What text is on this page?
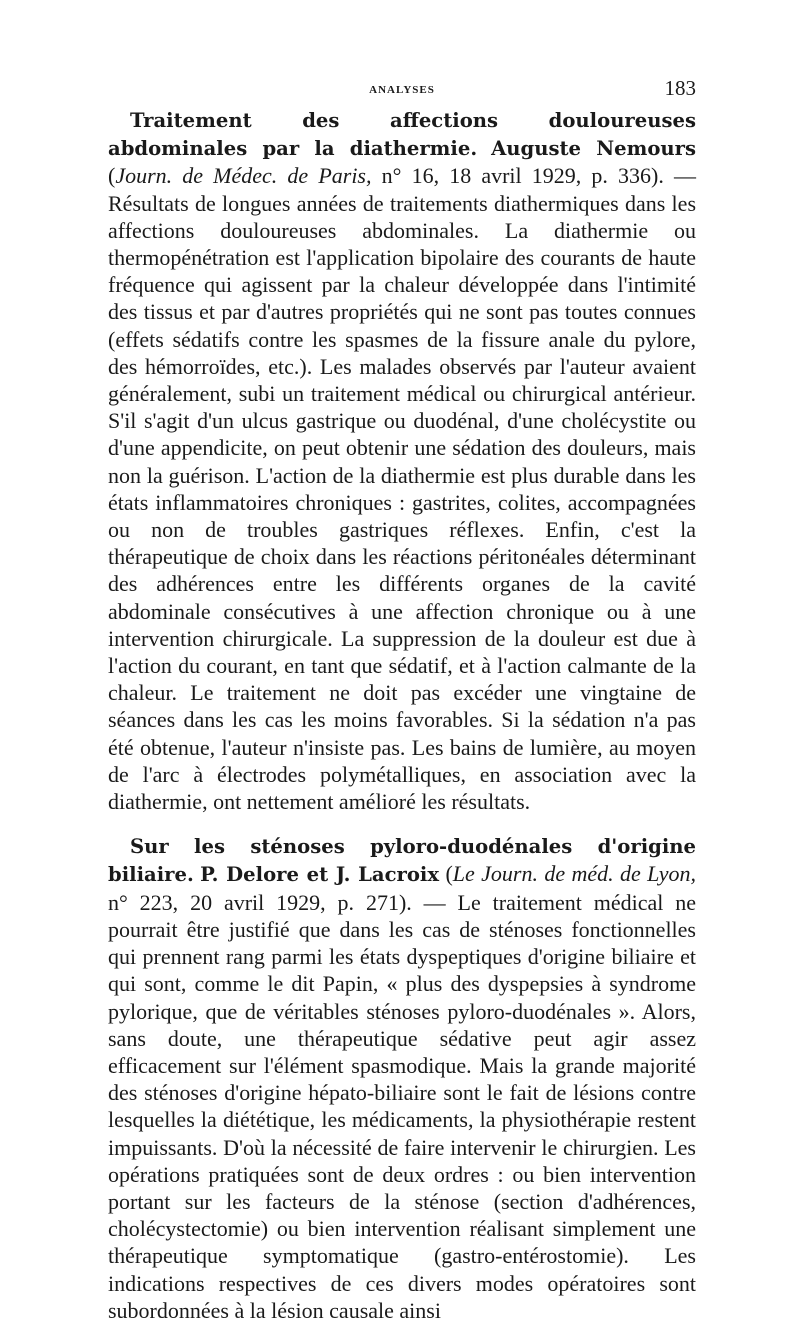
ANALYSES	183

Traitement des affections douloureuses abdominales par la diathermie. Auguste Nemours (Journ. de Médec. de Paris, n° 16, 18 avril 1929, p. 336). — Résultats de longues années de traitements diathermiques dans les affections douloureuses abdominales. La diathermie ou thermopénétration est l'application bipolaire des courants de haute fréquence qui agissent par la chaleur développée dans l'intimité des tissus et par d'autres propriétés qui ne sont pas toutes connues (effets sédatifs contre les spasmes de la fissure anale du pylore, des hémorroïdes, etc.). Les malades observés par l'auteur avaient généralement, subi un traitement médical ou chirurgical antérieur. S'il s'agit d'un ulcus gastrique ou duodénal, d'une cholécystite ou d'une appendicite, on peut obtenir une sédation des douleurs, mais non la guérison. L'action de la diathermie est plus durable dans les états inflammatoires chroniques : gastrites, colites, accompagnées ou non de troubles gastriques réflexes. Enfin, c'est la thérapeutique de choix dans les réactions péritonéales déterminant des adhérences entre les différents organes de la cavité abdominale consécutives à une affection chronique ou à une intervention chirurgicale. La suppression de la douleur est due à l'action du courant, en tant que sédatif, et à l'action calmante de la chaleur. Le traitement ne doit pas excéder une vingtaine de séances dans les cas les moins favorables. Si la sédation n'a pas été obtenue, l'auteur n'insiste pas. Les bains de lumière, au moyen de l'arc à électrodes polymétalliques, en association avec la diathermie, ont nettement amélioré les résultats.

Sur les sténoses pyloro-duodénales d'origine biliaire. P. Delore et J. Lacroix (Le Journ. de méd. de Lyon, n° 223, 20 avril 1929, p. 271). — Le traitement médical ne pourrait être justifié que dans les cas de sténoses fonctionnelles qui prennent rang parmi les états dyspeptiques d'origine biliaire et qui sont, comme le dit Papin, « plus des dyspepsies à syndrome pylorique, que de véritables sténoses pyloro-duodénales ». Alors, sans doute, une thérapeutique sédative peut agir assez efficacement sur l'élément spasmodique. Mais la grande majorité des sténoses d'origine hépato-biliaire sont le fait de lésions contre lesquelles la diététique, les médicaments, la physiothérapie restent impuissants. D'où la nécessité de faire intervenir le chirurgien. Les opérations pratiquées sont de deux ordres : ou bien intervention portant sur les facteurs de la sténose (section d'adhérences, cholécystectomie) ou bien intervention réalisant simplement une thérapeutique symptomatique (gastro-entérostomie). Les indications respectives de ces divers modes opératoires sont subordonnées à la lésion causale ainsi
